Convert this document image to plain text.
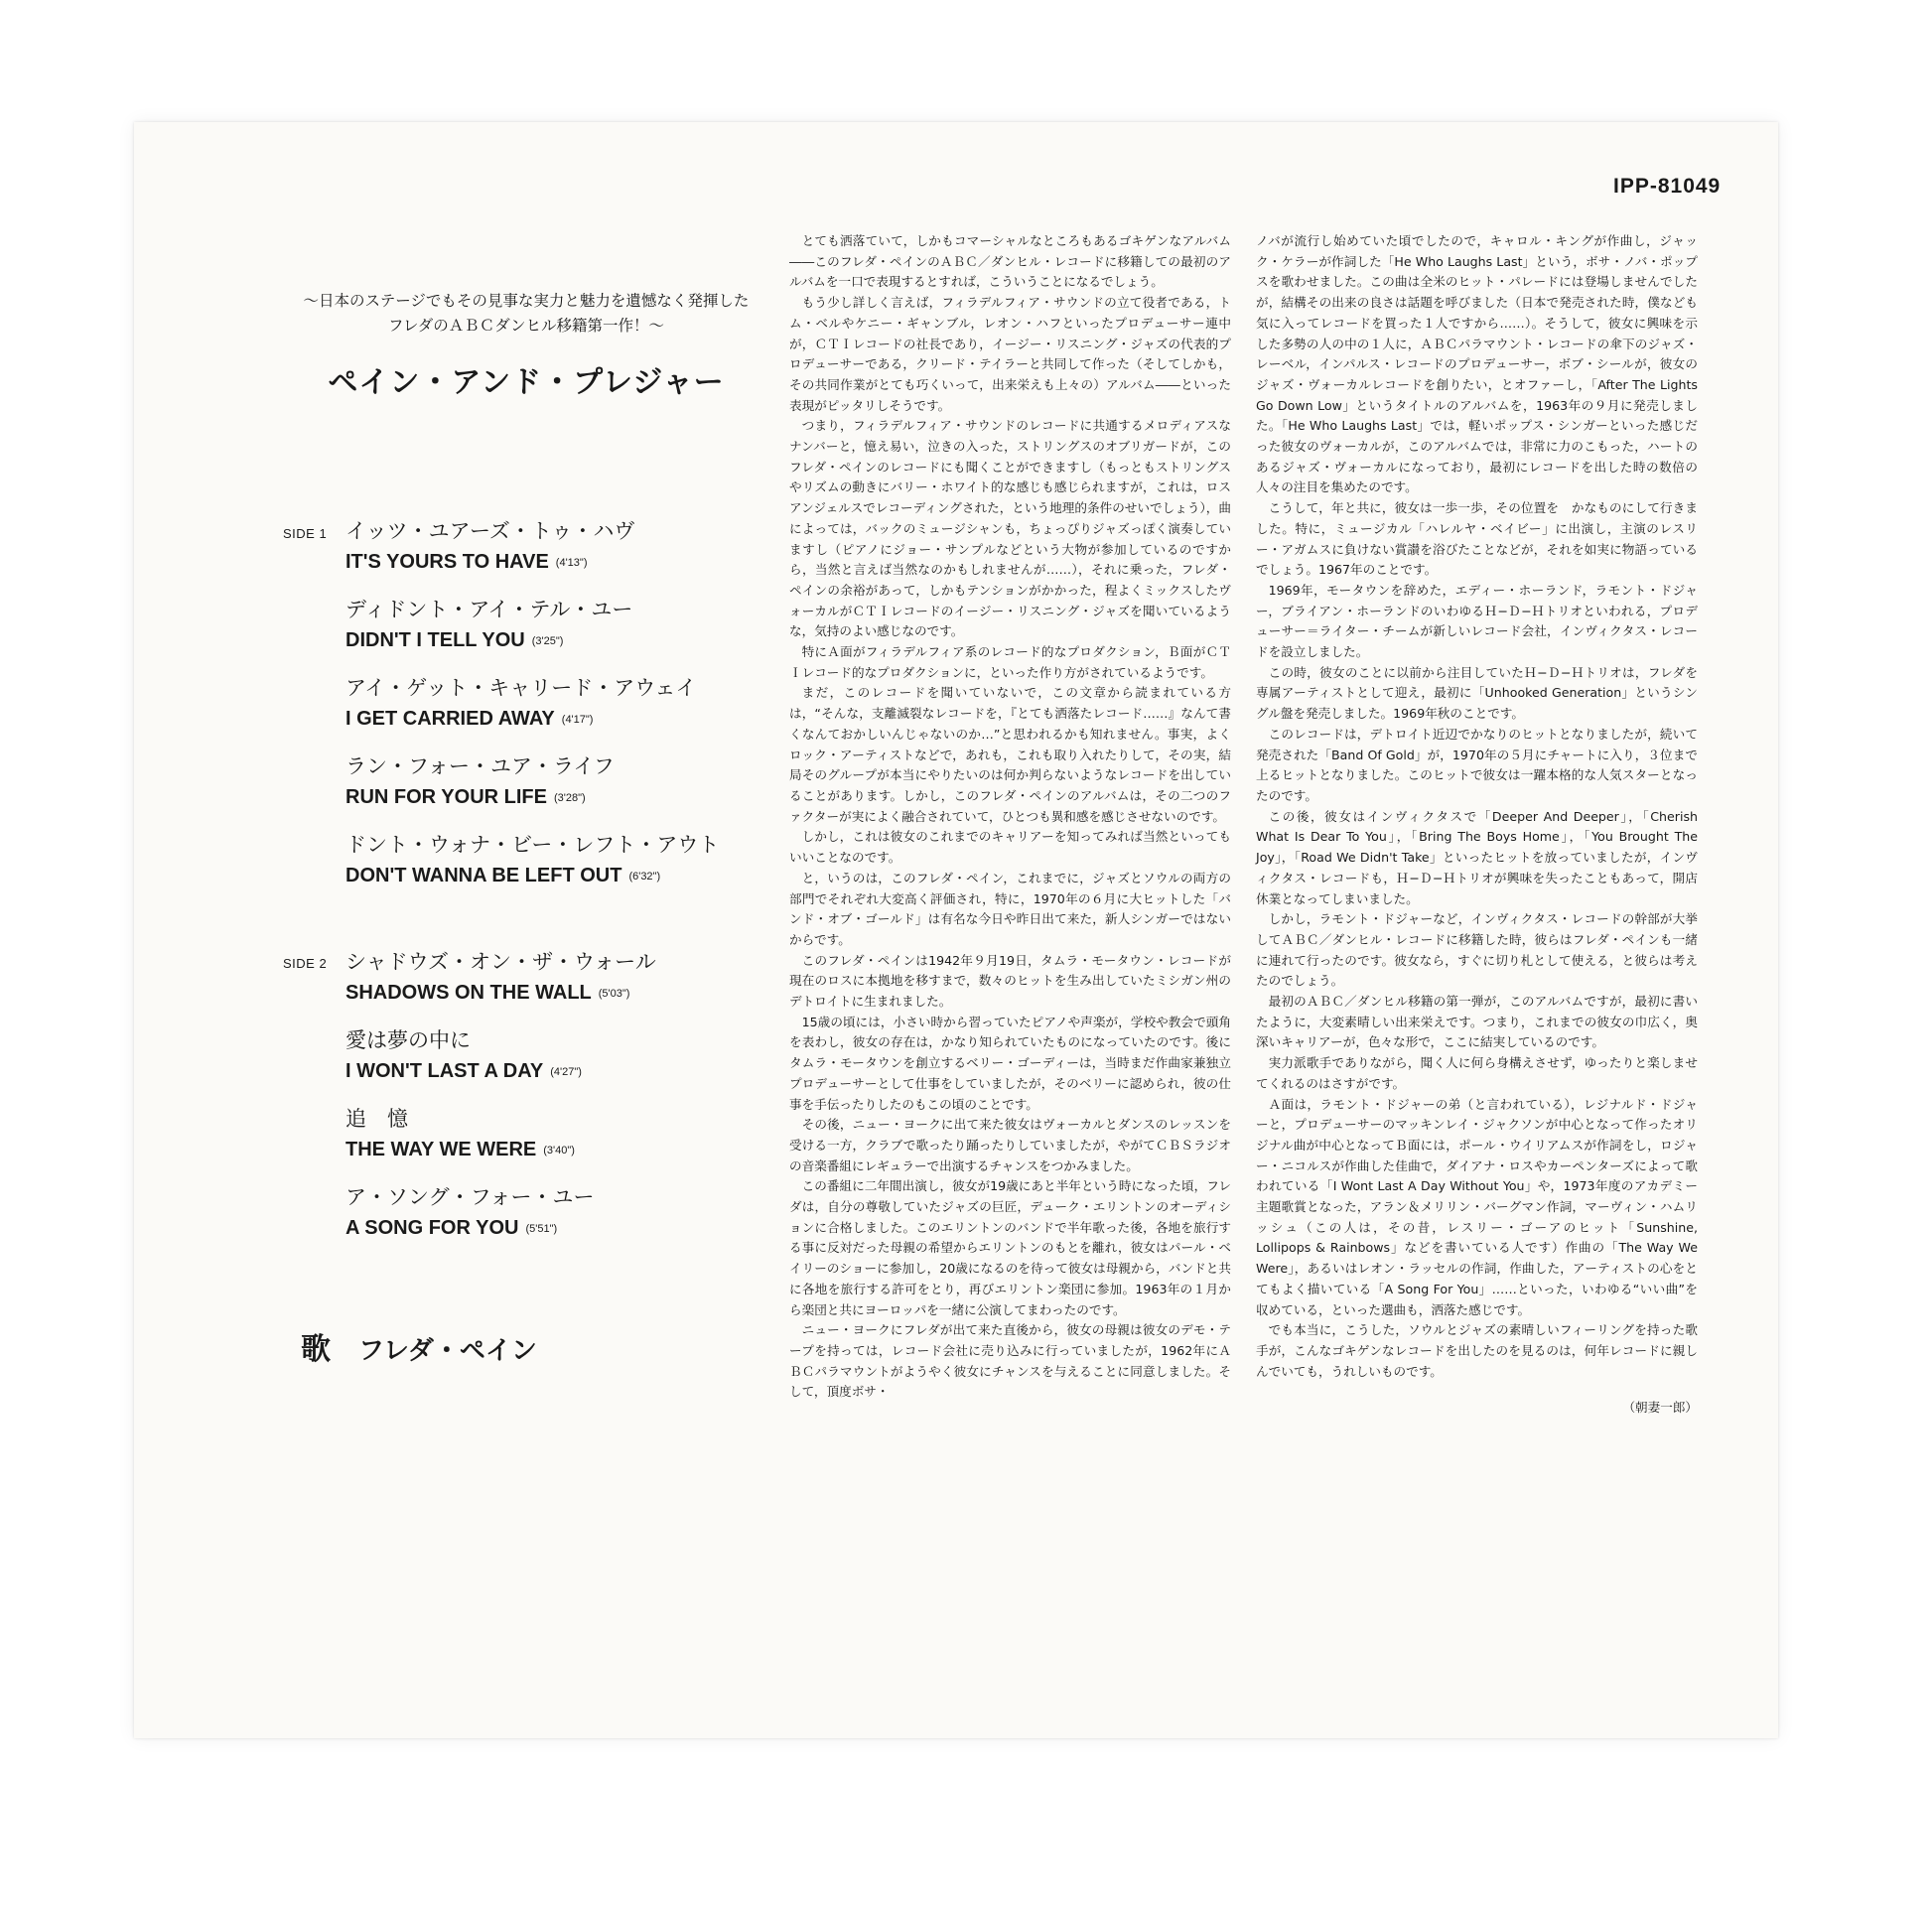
IPP-81049

〜日本のステージでもその見事な実力と魅力を遺憾なく発揮した

フレダのＡＢＣダンヒル移籍第一作！〜

ペイン・アンド・プレジャー
SIDE 1
SIDE 2
イッツ・ユアーズ・トゥ・ハヴ
IT'S YOURS TO HAVE (4'13")
ディドント・アイ・テル・ユー
DIDN'T I TELL YOU (3'25")
アイ・ゲット・キャリード・アウェイ
I GET CARRIED AWAY (4'17")
ラン・フォー・ユア・ライフ
RUN FOR YOUR LIFE (3'28")
ドント・ウォナ・ビー・レフト・アウト
DON'T WANNA BE LEFT OUT (6'32")
シャドウズ・オン・ザ・ウォール
SHADOWS ON THE WALL (5'03")
愛は夢の中に
I WON'T LAST A DAY (4'27")
追　憶
THE WAY WE WERE (3'40")
ア・ソング・フォー・ユー
A SONG FOR YOU (5'51")
歌 フレダ・ペイン

とても洒落ていて，しかもコマーシャルなところもあるゴキゲンなアルバム――このフレダ・ペインのＡＢＣ／ダンヒル・レコードに移籍しての最初のアルバムを一口で表現するとすれば，こういうことになるでしょう。

もう少し詳しく言えば，フィラデルフィア・サウンドの立て役者である，トム・ベルやケニー・ギャンブル，レオン・ハフといったプロデューサー連中が，ＣＴＩレコードの社長であり，イージー・リスニング・ジャズの代表的プロデューサーである，クリード・テイラーと共同して作った（そしてしかも，その共同作業がとても巧くいって，出来栄えも上々の）アルバム――といった表現がピッタリしそうです。

つまり，フィラデルフィア・サウンドのレコードに共通するメロディアスなナンバーと，憶え易い，泣きの入った，ストリングスのオブリガードが，このフレダ・ペインのレコードにも聞くことができますし（もっともストリングスやリズムの動きにバリー・ホワイト的な感じも感じられますが，これは，ロスアンジェルスでレコーディングされた，という地理的条件のせいでしょう），曲によっては，バックのミュージシャンも，ちょっぴりジャズっぽく演奏していますし（ピアノにジョー・サンプルなどという大物が参加しているのですから，当然と言えば当然なのかもしれませんが……），それに乗った，フレダ・ペインの余裕があって，しかもテンションがかかった，程よくミックスしたヴォーカルがＣＴＩレコードのイージー・リスニング・ジャズを聞いているような，気持のよい感じなのです。

特にＡ面がフィラデルフィア系のレコード的なプロダクション，Ｂ面がＣＴＩレコード的なプロダクションに，といった作り方がされているようです。

まだ，このレコードを聞いていないで，この文章から読まれている方は，“そんな，支離滅裂なレコードを，『とても洒落たレコード……』なんて書くなんておかしいんじゃないのか…”と思われるかも知れません。事実，よくロック・アーティストなどで，あれも，これも取り入れたりして，その実，結局そのグループが本当にやりたいのは何か判らないようなレコードを出していることがあります。しかし，このフレダ・ペインのアルバムは，その二つのファクターが実によく融合されていて，ひとつも異和感を感じさせないのです。

しかし，これは彼女のこれまでのキャリアーを知ってみれば当然といってもいいことなのです。

と，いうのは，このフレダ・ペイン，これまでに，ジャズとソウルの両方の部門でそれぞれ大変高く評価され，特に，1970年の６月に大ヒットした「バンド・オブ・ゴールド」は有名な今日や昨日出て来た，新人シンガーではないからです。

このフレダ・ペインは1942年９月19日，タムラ・モータウン・レコードが現在のロスに本拠地を移すまで，数々のヒットを生み出していたミシガン州のデトロイトに生まれました。

15歳の頃には，小さい時から習っていたピアノや声楽が，学校や教会で頭角を表わし，彼女の存在は，かなり知られていたものになっていたのです。後にタムラ・モータウンを創立するベリー・ゴーディーは，当時まだ作曲家兼独立プロデューサーとして仕事をしていましたが，そのベリーに認められ，彼の仕事を手伝ったりしたのもこの頃のことです。

その後，ニュー・ヨークに出て来た彼女はヴォーカルとダンスのレッスンを受ける一方，クラブで歌ったり踊ったりしていましたが，やがてＣＢＳラジオの音楽番組にレギュラーで出演するチャンスをつかみました。

この番組に二年間出演し，彼女が19歳にあと半年という時になった頃，フレダは，自分の尊敬していたジャズの巨匠，デューク・エリントンのオーディションに合格しました。このエリントンのバンドで半年歌った後，各地を旅行する事に反対だった母親の希望からエリントンのもとを離れ，彼女はパール・ベイリーのショーに参加し，20歳になるのを待って彼女は母親から，バンドと共に各地を旅行する許可をとり，再びエリントン楽団に参加。1963年の１月から楽団と共にヨーロッパを一緒に公演してまわったのです。

ニュー・ヨークにフレダが出て来た直後から，彼女の母親は彼女のデモ・テープを持っては，レコード会社に売り込みに行っていましたが，1962年にＡＢＣパラマウントがようやく彼女にチャンスを与えることに同意しました。そして，頂度ボサ・

ノバが流行し始めていた頃でしたので，キャロル・キングが作曲し，ジャック・ケラーが作詞した「He Who Laughs Last」という，ボサ・ノバ・ポップスを歌わせました。この曲は全米のヒット・パレードには登場しませんでしたが，結構その出来の良さは話題を呼びました（日本で発売された時，僕なども気に入ってレコードを買った１人ですから……）。そうして，彼女に興味を示した多勢の人の中の１人に，ＡＢＣパラマウント・レコードの傘下のジャズ・レーベル，インパルス・レコードのプロデューサー，ボブ・シールが，彼女のジャズ・ヴォーカルレコードを創りたい，とオファーし，「After The Lights Go Down Low」というタイトルのアルバムを，1963年の９月に発売しました。「He Who Laughs Last」では，軽いポップス・シンガーといった感じだった彼女のヴォーカルが，このアルバムでは，非常に力のこもった，ハートのあるジャズ・ヴォーカルになっており，最初にレコードを出した時の数倍の人々の注目を集めたのです。

こうして，年と共に，彼女は一歩一歩，その位置を　かなものにして行きました。特に，ミュージカル「ハレルヤ・ベイビー」に出演し，主演のレスリー・アガムスに負けない賞讃を浴びたことなどが，それを如実に物語っているでしょう。1967年のことです。

1969年，モータウンを辞めた，エディー・ホーランド，ラモント・ドジャー，ブライアン・ホーランドのいわゆるＨ−Ｄ−Ｈトリオといわれる，プロデューサー＝ライター・チームが新しいレコード会社，インヴィクタス・レコードを設立しました。

この時，彼女のことに以前から注目していたＨ−Ｄ−Ｈトリオは，フレダを専属アーティストとして迎え，最初に「Unhooked Generation」というシングル盤を発売しました。1969年秋のことです。

このレコードは，デトロイト近辺でかなりのヒットとなりましたが，続いて発売された「Band Of Gold」が，1970年の５月にチャートに入り，３位まで上るヒットとなりました。このヒットで彼女は一躍本格的な人気スターとなったのです。

この後，彼女はインヴィクタスで「Deeper And Deeper」，「Cherish What Is Dear To You」，「Bring The Boys Home」，「You Brought The Joy」，「Road We Didn't Take」といったヒットを放っていましたが，インヴィクタス・レコードも，Ｈ−Ｄ−Ｈトリオが興味を失ったこともあって，開店休業となってしまいました。

しかし，ラモント・ドジャーなど，インヴィクタス・レコードの幹部が大挙してＡＢＣ／ダンヒル・レコードに移籍した時，彼らはフレダ・ペインも一緒に連れて行ったのです。彼女なら，すぐに切り札として使える，と彼らは考えたのでしょう。

最初のＡＢＣ／ダンヒル移籍の第一弾が，このアルバムですが，最初に書いたように，大変素晴しい出来栄えです。つまり，これまでの彼女の巾広く，奥深いキャリアーが，色々な形で，ここに結実しているのです。

実力派歌手でありながら，聞く人に何ら身構えさせず，ゆったりと楽しませてくれるのはさすがです。

Ａ面は，ラモント・ドジャーの弟（と言われている），レジナルド・ドジャーと，プロデューサーのマッキンレイ・ジャクソンが中心となって作ったオリジナル曲が中心となってＢ面には，ポール・ウイリアムスが作詞をし，ロジャー・ニコルスが作曲した佳曲で，ダイアナ・ロスやカーペンターズによって歌われている「I Wont Last A Day Without You」や，1973年度のアカデミー主題歌賞となった，アラン＆メリリン・バーグマン作詞，マーヴィン・ハムリッシュ（この人は，その昔，レスリー・ゴーアのヒット「Sunshine, Lollipops & Rainbows」などを書いている人です）作曲の「The Way We Were」，あるいはレオン・ラッセルの作詞，作曲した，アーティストの心をとてもよく描いている「A Song For You」……といった，いわゆる“いい曲”を収めている，といった選曲も，洒落た感じです。

でも本当に，こうした，ソウルとジャズの素晴しいフィーリングを持った歌手が，こんなゴキゲンなレコードを出したのを見るのは，何年レコードに親しんでいても，うれしいものです。

（朝妻一郎）
